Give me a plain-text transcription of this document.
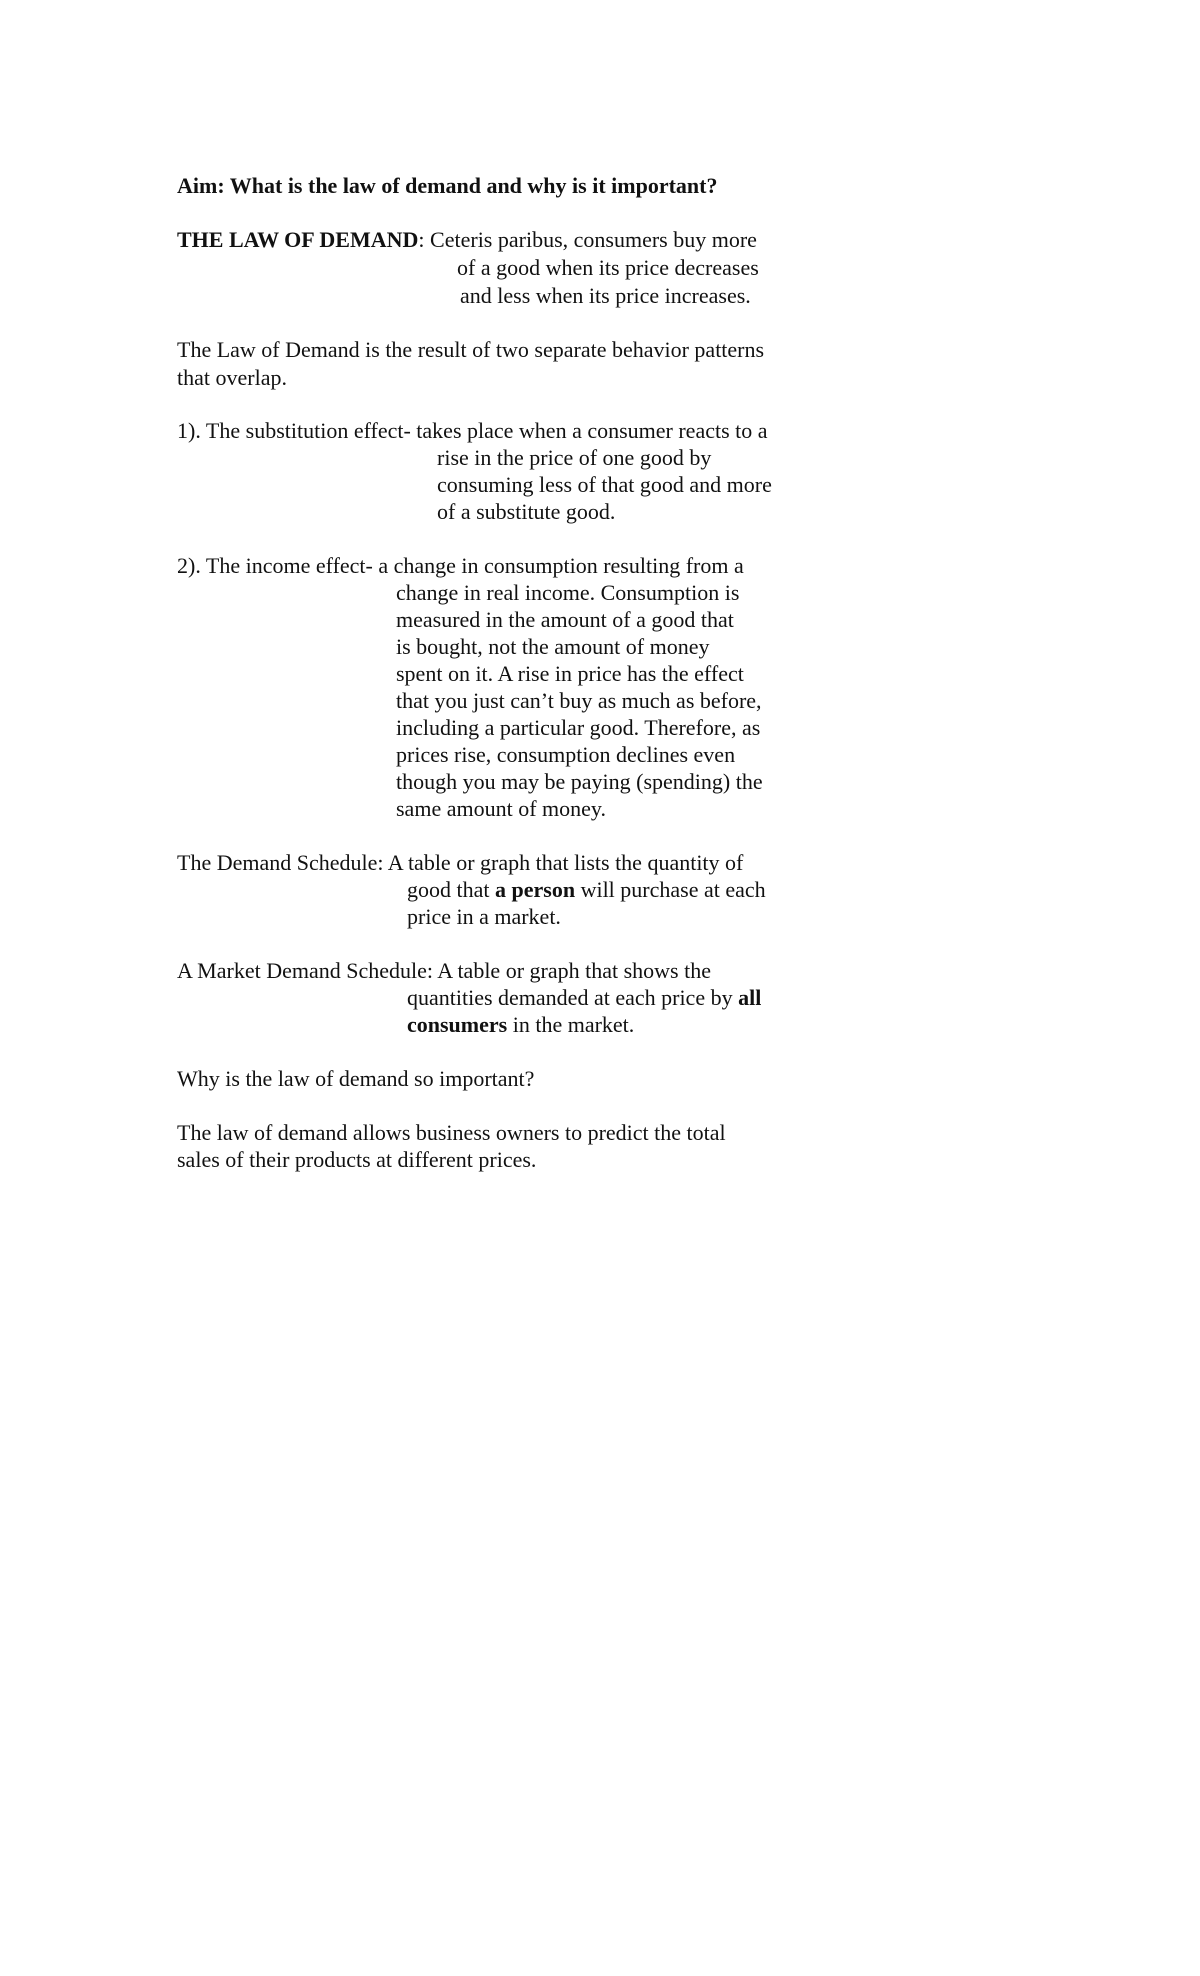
Aim: What is the law of demand and why is it important?
THE LAW OF DEMAND: Ceteris paribus, consumers buy more
of a good when its price decreases
and less when its price increases.
The Law of Demand is the result of two separate behavior patterns
that overlap.
1). The substitution effect- takes place when a consumer reacts to a
rise in the price of one good by
consuming less of that good and more
of a substitute good.
2). The income effect- a change in consumption resulting from a
change in real income. Consumption is
measured in the amount of a good that
is bought, not the amount of money
spent on it. A rise in price has the effect
that you just can’t buy as much as before,
including a particular good. Therefore, as
prices rise, consumption declines even
though you may be paying (spending) the
same amount of money.
The Demand Schedule: A table or graph that lists the quantity of
good that a person will purchase at each
price in a market.
A Market Demand Schedule: A table or graph that shows the
quantities demanded at each price by all
consumers in the market.
Why is the law of demand so important?
The law of demand allows business owners to predict the total
sales of their products at different prices.
